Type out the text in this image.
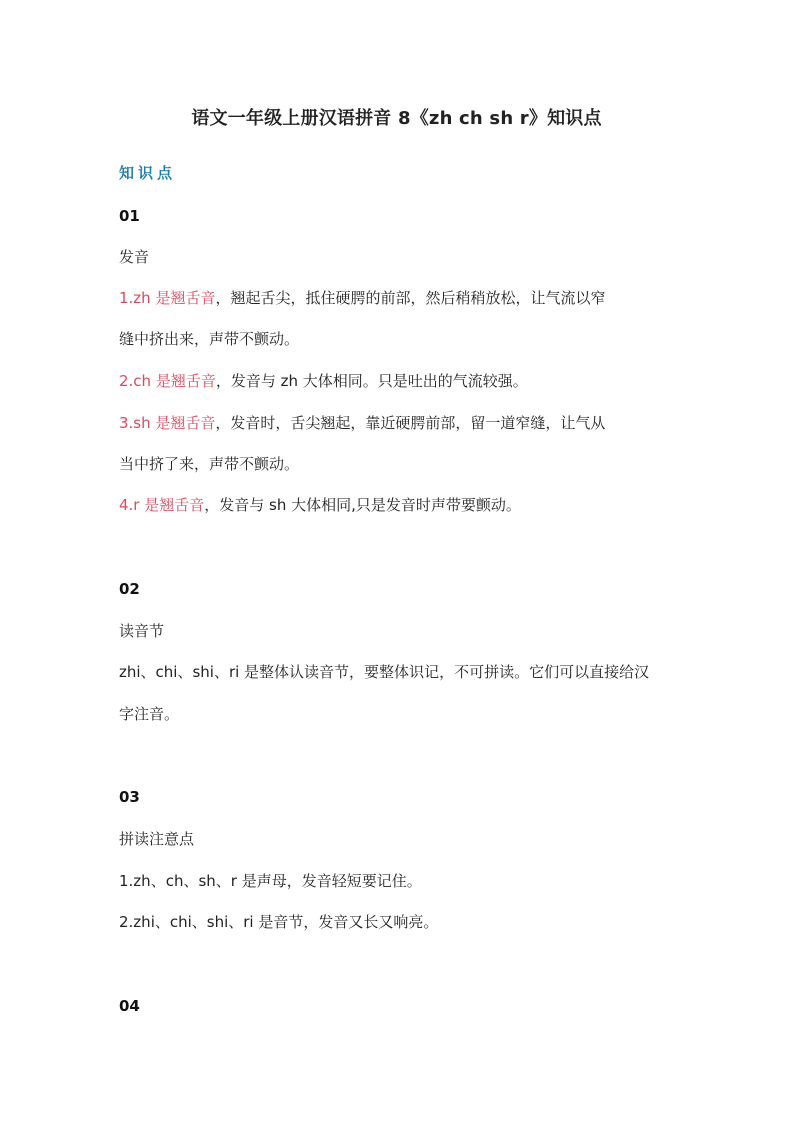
语文一年级上册汉语拼音 8《zh ch sh r》知识点
知识点
01
发音
1.zh 是翘舌音，翘起舌尖，抵住硬腭的前部，然后稍稍放松，让气流以窄
缝中挤出来，声带不颤动。
2.ch 是翘舌音，发音与 zh 大体相同。只是吐出的气流较强。
3.sh 是翘舌音，发音时，舌尖翘起，靠近硬腭前部，留一道窄缝，让气从
当中挤了来，声带不颤动。
4.r 是翘舌音，发音与 sh 大体相同,只是发音时声带要颤动。
02
读音节
zhi、chi、shi、ri 是整体认读音节，要整体识记，不可拼读。它们可以直接给汉
字注音。
03
拼读注意点
1.zh、ch、sh、r 是声母，发音轻短要记住。
2.zhi、chi、shi、ri 是音节，发音又长又响亮。
04
